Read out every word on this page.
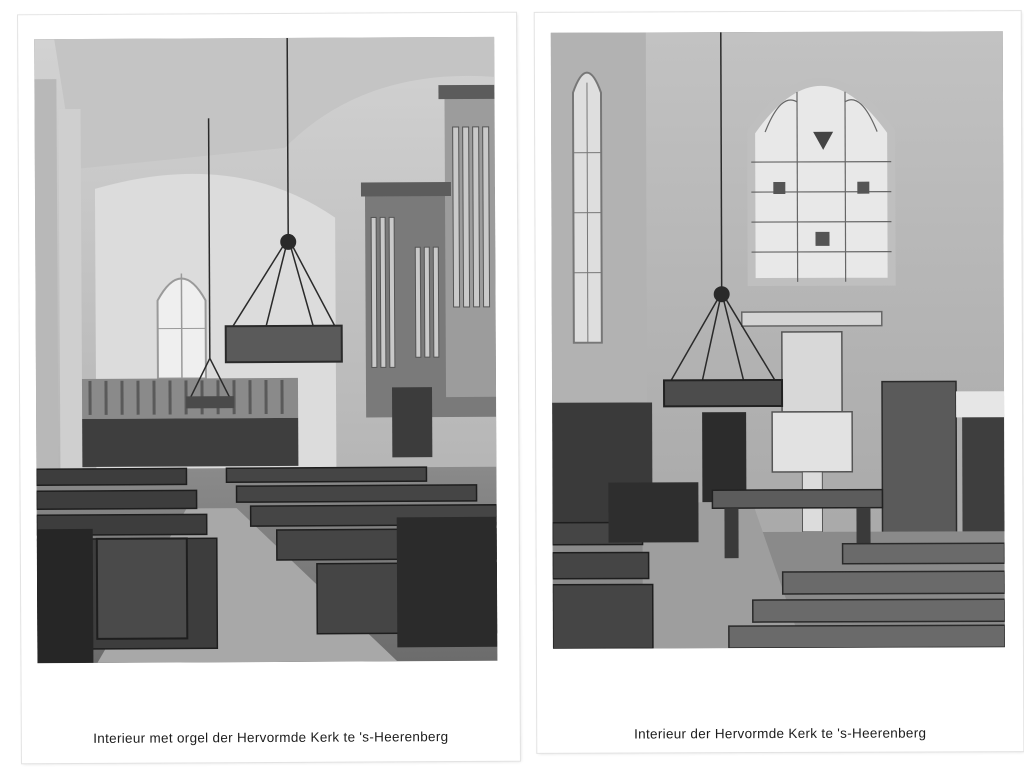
Interieur met orgel der Hervormde Kerk te 's-Heerenberg	Interieur der Hervormde Kerk te 's-Heerenberg
